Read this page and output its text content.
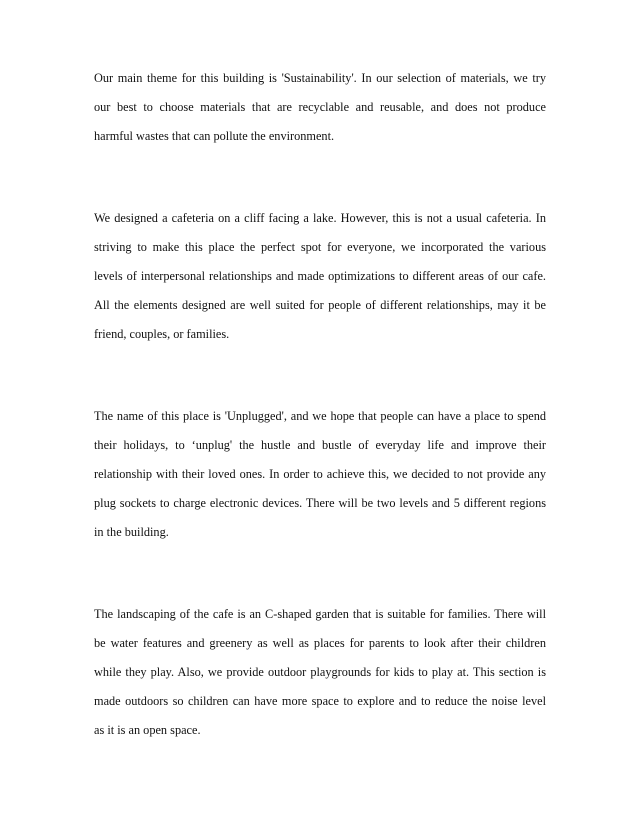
Our main theme for this building is 'Sustainability'. In our selection of materials, we try
our best to choose materials that are recyclable and reusable, and does not produce
harmful wastes that can pollute the environment.

We designed a cafeteria on a cliff facing a lake. However, this is not a usual cafeteria. In
striving to make this place the perfect spot for everyone, we incorporated the various
levels of interpersonal relationships and made optimizations to different areas of our cafe.
All the elements designed are well suited for people of different relationships, may it be
friend, couples, or families.

The name of this place is 'Unplugged', and we hope that people can have a place to spend
their holidays, to ‘unplug' the hustle and bustle of everyday life and improve their
relationship with their loved ones. In order to achieve this, we decided to not provide any
plug sockets to charge electronic devices. There will be two levels and 5 different regions
in the building.

The landscaping of the cafe is an C-shaped garden that is suitable for families. There will
be water features and greenery as well as places for parents to look after their children
while they play. Also, we provide outdoor playgrounds for kids to play at. This section is
made outdoors so children can have more space to explore and to reduce the noise level
as it is an open space.
